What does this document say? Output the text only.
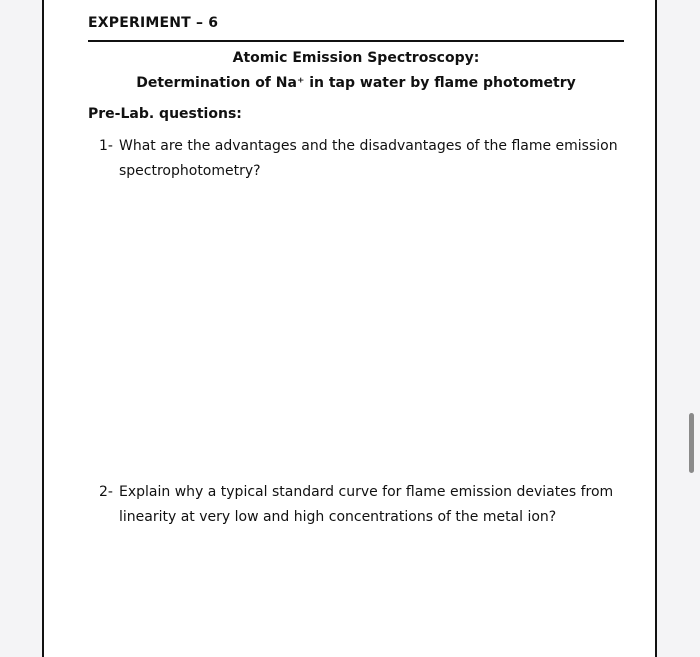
EXPERIMENT – 6
Atomic Emission Spectroscopy:
Determination of Na⁺ in tap water by flame photometry
Pre-Lab. questions:
1- What are the advantages and the disadvantages of the flame emission spectrophotometry?
2- Explain why a typical standard curve for flame emission deviates from linearity at very low and high concentrations of the metal ion?
